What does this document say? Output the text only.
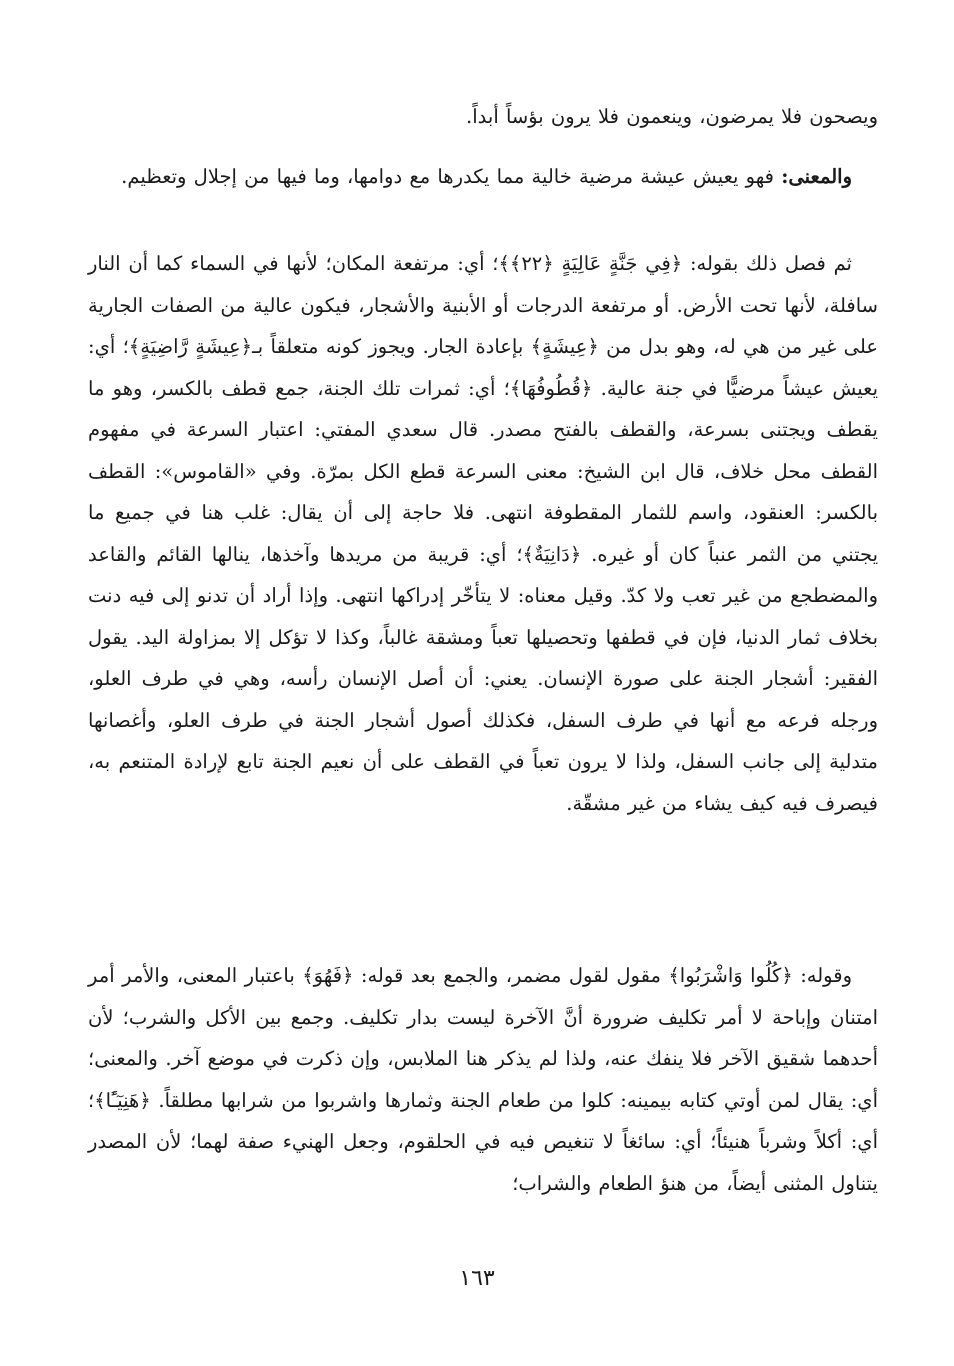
ويصحون فلا يمرضون، وينعمون فلا يرون بؤساً أبداً.

والمعنى: فهو يعيش عيشة مرضية خالية مما يكدرها مع دوامها، وما فيها من إجلال وتعظيم.

ثم فصل ذلك بقوله: ﴿فِي جَنَّةٍ عَالِيَةٍ ﴿٢٢﴾﴾؛ أي: مرتفعة المكان؛ لأنها في السماء كما أن النار سافلة، لأنها تحت الأرض. أو مرتفعة الدرجات أو الأبنية والأشجار، فيكون عالية من الصفات الجارية على غير من هي له، وهو بدل من ﴿عِيشَةٍ﴾ بإعادة الجار. ويجوز كونه متعلقاً بـ﴿عِيشَةٍ رَّاضِيَةٍ﴾؛ أي: يعيش عيشاً مرضيًّا في جنة عالية. ﴿قُطُوفُهَا﴾؛ أي: ثمرات تلك الجنة، جمع قطف بالكسر، وهو ما يقطف ويجتنى بسرعة، والقطف بالفتح مصدر. قال سعدي المفتي: اعتبار السرعة في مفهوم القطف محل خلاف، قال ابن الشيخ: معنى السرعة قطع الكل بمرّة. وفي «القاموس»: القطف بالكسر: العنقود، واسم للثمار المقطوفة انتهى. فلا حاجة إلى أن يقال: غلب هنا في جميع ما يجتني من الثمر عنباً كان أو غيره. ﴿دَانِيَةٌ﴾؛ أي: قريبة من مريدها وآخذها، ينالها القائم والقاعد والمضطجع من غير تعب ولا كدّ. وقيل معناه: لا يتأخّر إدراكها انتهى. وإذا أراد أن تدنو إلى فيه دنت بخلاف ثمار الدنيا، فإن في قطفها وتحصيلها تعباً ومشقة غالباً، وكذا لا تؤكل إلا بمزاولة اليد. يقول الفقير: أشجار الجنة على صورة الإنسان. يعني: أن أصل الإنسان رأسه، وهي في طرف العلو، ورجله فرعه مع أنها في طرف السفل، فكذلك أصول أشجار الجنة في طرف العلو، وأغصانها متدلية إلى جانب السفل، ولذا لا يرون تعباً في القطف على أن نعيم الجنة تابع لإرادة المتنعم به، فيصرف فيه كيف يشاء من غير مشقّة.

وقوله: ﴿كُلُوا وَاشْرَبُوا﴾ مقول لقول مضمر، والجمع بعد قوله: ﴿فَهُوَ﴾ باعتبار المعنى، والأمر أمر امتنان وإباحة لا أمر تكليف ضرورة أنَّ الآخرة ليست بدار تكليف. وجمع بين الأكل والشرب؛ لأن أحدهما شقيق الآخر فلا ينفك عنه، ولذا لم يذكر هنا الملابس، وإن ذكرت في موضع آخر. والمعنى؛ أي: يقال لمن أوتي كتابه بيمينه: كلوا من طعام الجنة وثمارها واشربوا من شرابها مطلقاً. ﴿هَنِيٓـًٔا﴾؛ أي: أكلاً وشرباً هنيئاً؛ أي: سائغاً لا تنغيص فيه في الحلقوم، وجعل الهنيء صفة لهما؛ لأن المصدر يتناول المثنى أيضاً، من هنؤ الطعام والشراب؛

١٦٣
